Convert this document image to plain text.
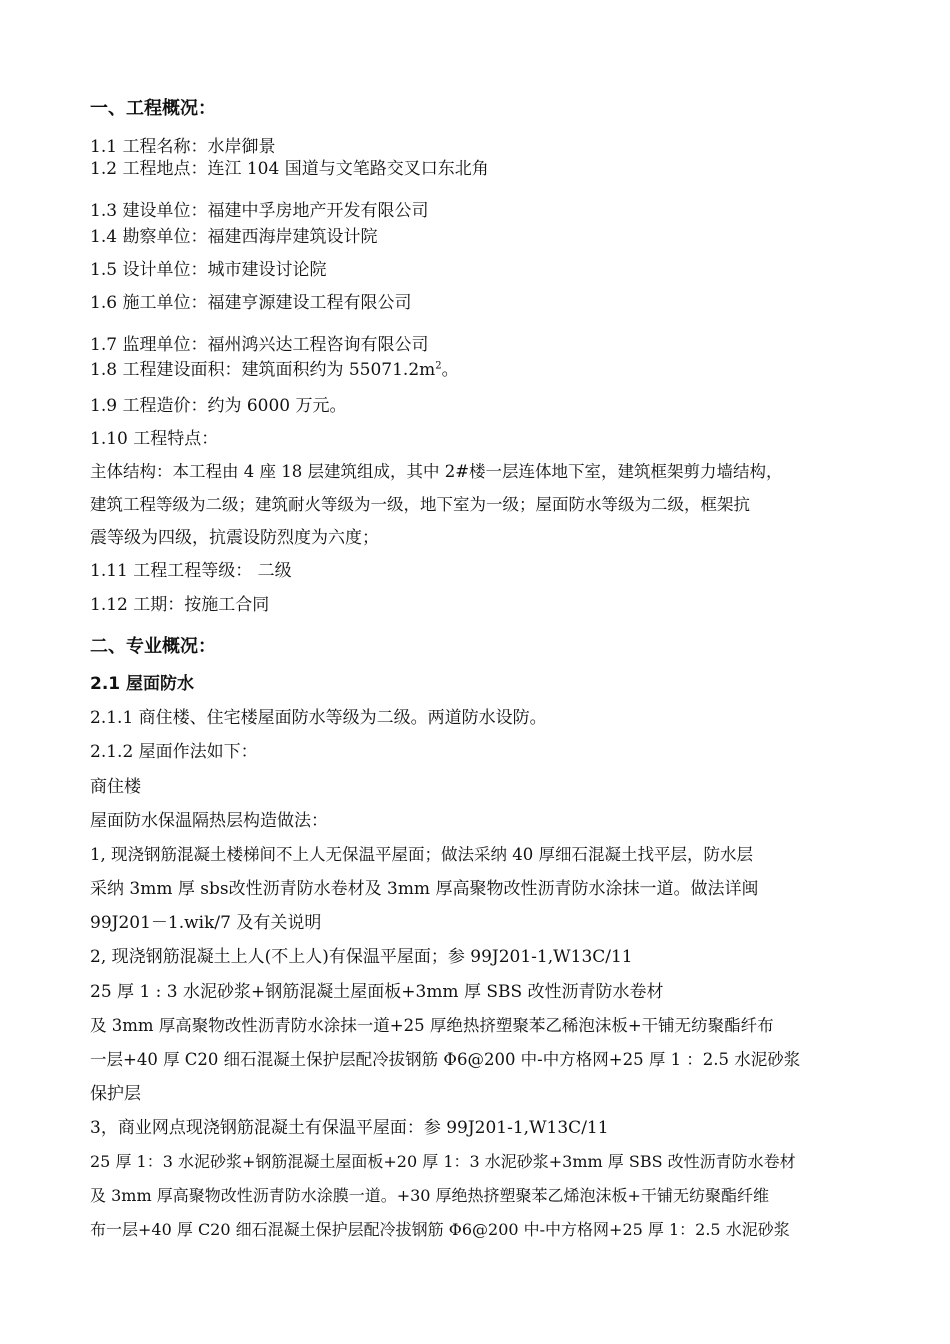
一、工程概况：
1.1 工程名称：水岸御景
1.2 工程地点：连江 104 国道与文笔路交叉口东北角
1.3 建设单位：福建中孚房地产开发有限公司
1.4 勘察单位：福建西海岸建筑设计院
1.5 设计单位：城市建设讨论院
1.6 施工单位：福建亨源建设工程有限公司
1.7 监理单位：福州鸿兴达工程咨询有限公司
1.8 工程建设面积：建筑面积约为 $55071.2m^2$。
1.9 工程造价：约为 6000 万元。
1.10 工程特点：
主体结构：本工程由 4 座 18 层建筑组成，其中 2#楼一层连体地下室，建筑框架剪力墙结构，
建筑工程等级为二级；建筑耐火等级为一级，地下室为一级；屋面防水等级为二级，框架抗
震等级为四级，抗震设防烈度为六度；
1.11 工程工程等级： 二级
1.12 工期：按施工合同
二、专业概况：
2.1 屋面防水
2.1.1 商住楼、住宅楼屋面防水等级为二级。两道防水设防。
2.1.2 屋面作法如下：
商住楼
屋面防水保温隔热层构造做法：
1, 现浇钢筋混凝土楼梯间不上人无保温平屋面；做法采纳 40 厚细石混凝土找平层，防水层
采纳 3mm 厚 sbs改性沥青防水卷材及 3mm 厚高聚物改性沥青防水涂抹一道。做法详闽
99J201－1.wik/7 及有关说明
2, 现浇钢筋混凝土上人(不上人)有保温平屋面；参 99J201-1,W13C/11
25 厚 1 : 3 水泥砂浆+钢筋混凝土屋面板+3mm 厚 SBS 改性沥青防水卷材
及 3mm 厚高聚物改性沥青防水涂抹一道+25 厚绝热挤塑聚苯乙稀泡沫板+干铺无纺聚酯纤布
一层+40 厚 C20 细石混凝土保护层配冷拔钢筋 Φ6@200 中-中方格网+25 厚 1 ：2.5 水泥砂浆
保护层
3，商业网点现浇钢筋混凝土有保温平屋面：参 99J201-1,W13C/11
25 厚 1：3 水泥砂浆+钢筋混凝土屋面板+20 厚 1：3 水泥砂浆+3mm 厚 SBS 改性沥青防水卷材
及 3mm 厚高聚物改性沥青防水涂膜一道。+30 厚绝热挤塑聚苯乙烯泡沫板+干铺无纺聚酯纤维
布一层+40 厚 C20 细石混凝土保护层配冷拔钢筋 Φ6@200 中-中方格网+25 厚 1：2.5 水泥砂浆
